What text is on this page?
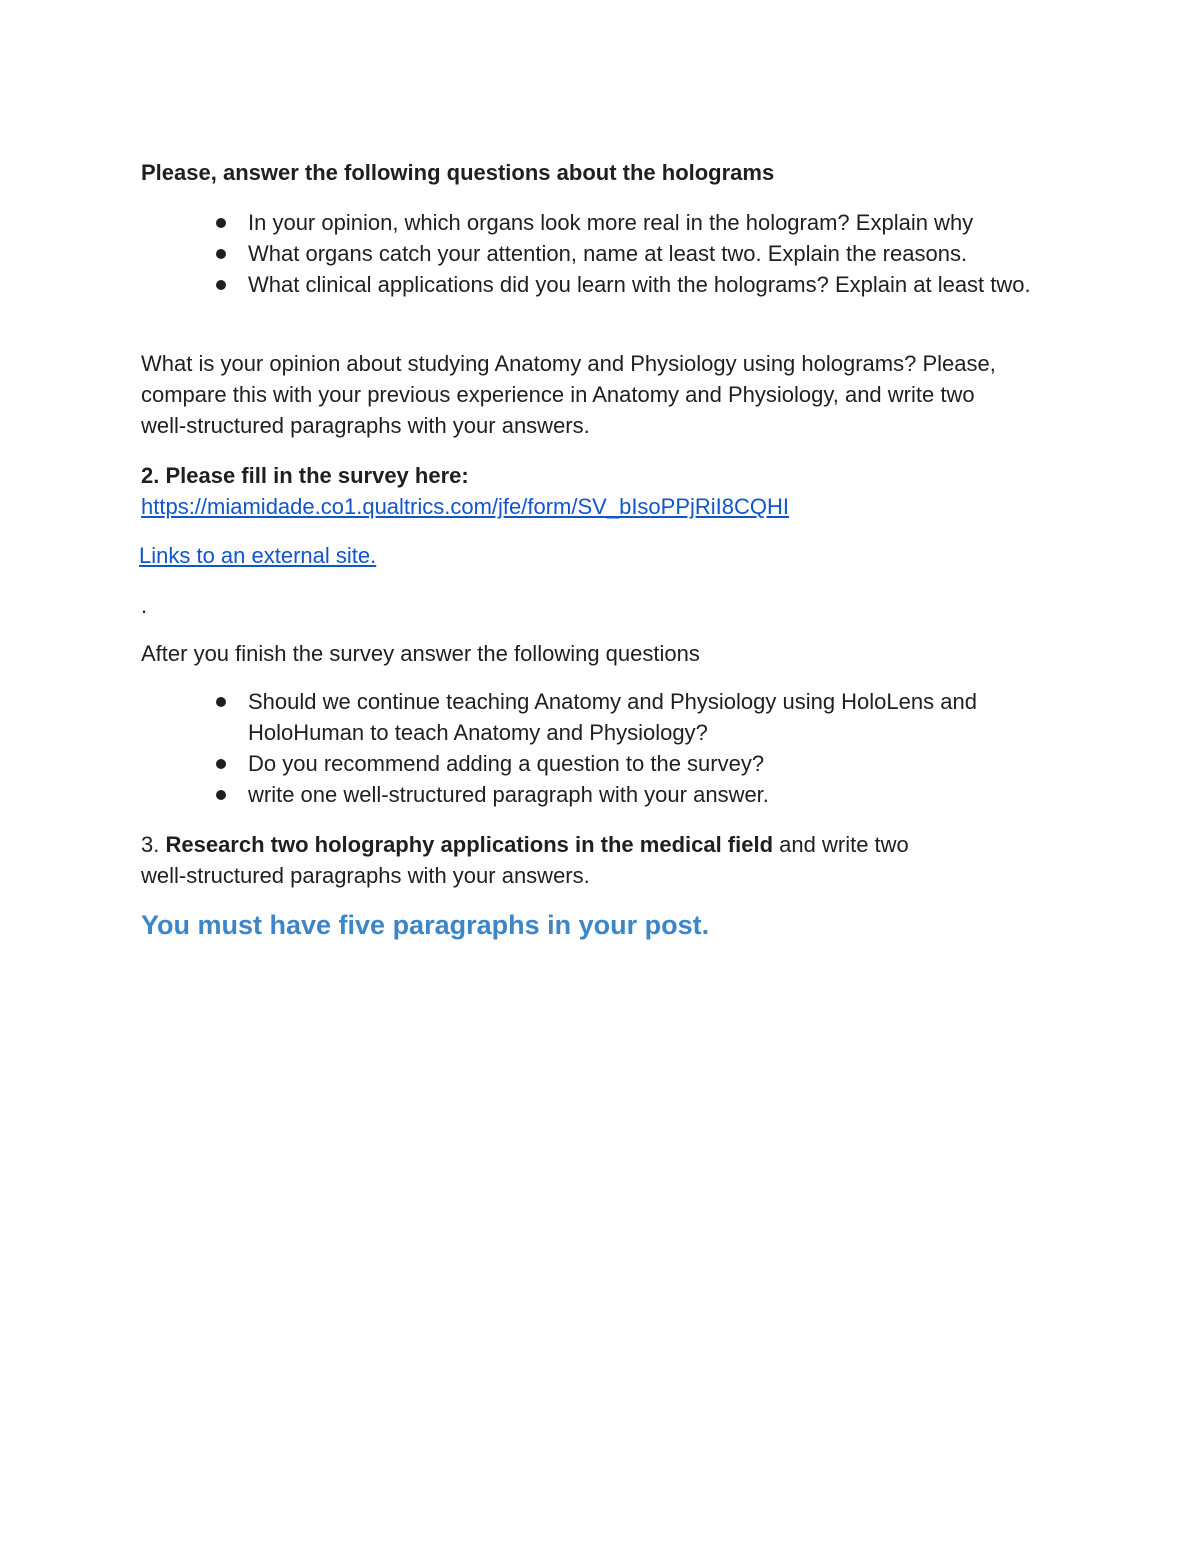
Please, answer the following questions about the holograms

In your opinion, which organs look more real in the hologram? Explain why
What organs catch your attention, name at least two. Explain the reasons.
What clinical applications did you learn with the holograms? Explain at least two.
What is your opinion about studying Anatomy and Physiology using holograms? Please,
compare this with your previous experience in Anatomy and Physiology, and write two
well-structured paragraphs with your answers.

2. Please fill in the survey here:

https://miamidade.co1.qualtrics.com/jfe/form/SV_bIsoPPjRiI8CQHI
Links to an external site.

.

After you finish the survey answer the following questions

Should we continue teaching Anatomy and Physiology using HoloLens and HoloHuman to teach Anatomy and Physiology?
Do you recommend adding a question to the survey?
write one well-structured paragraph with your answer.
3. Research two holography applications in the medical field and write two
well-structured paragraphs with your answers.

You must have five paragraphs in your post.
